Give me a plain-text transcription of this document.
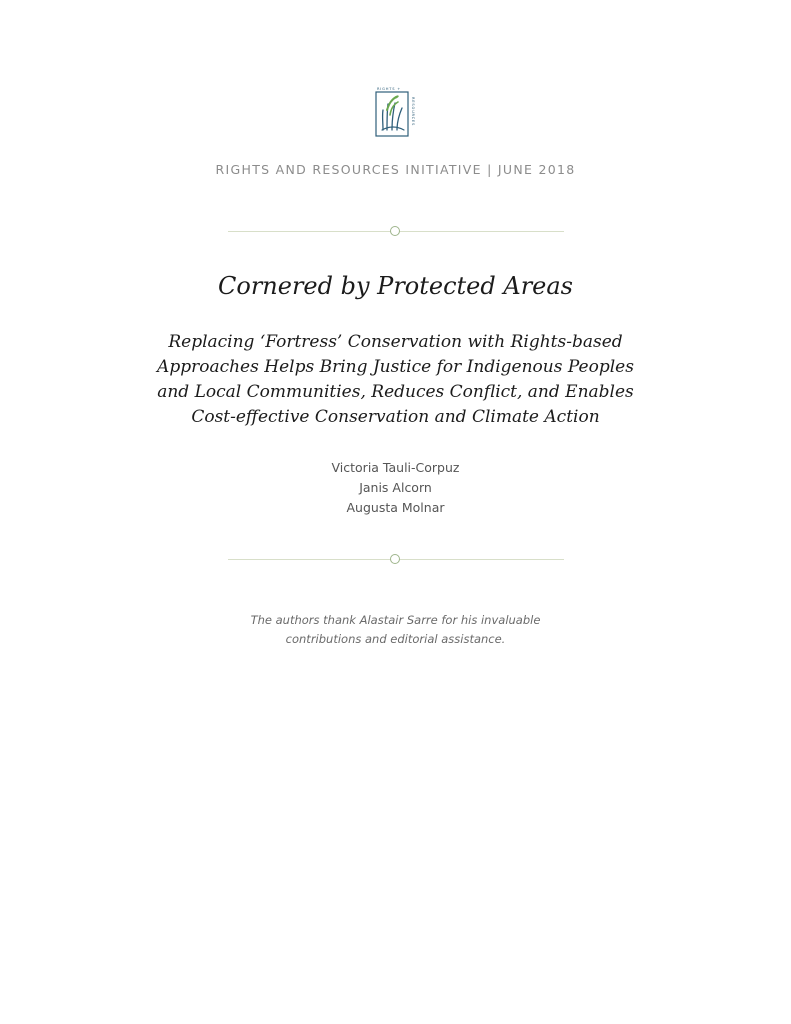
RIGHTS +
RESOURCES

RIGHTS AND RESOURCES INITIATIVE | JUNE 2018

Cornered by Protected Areas
Replacing ‘Fortress’ Conservation with Rights-based
Approaches Helps Bring Justice for Indigenous Peoples
and Local Communities, Reduces Conflict, and Enables
Cost-effective Conservation and Climate Action
Victoria Tauli-Corpuz
Janis Alcorn
Augusta Molnar

The authors thank Alastair Sarre for his invaluable
contributions and editorial assistance.
